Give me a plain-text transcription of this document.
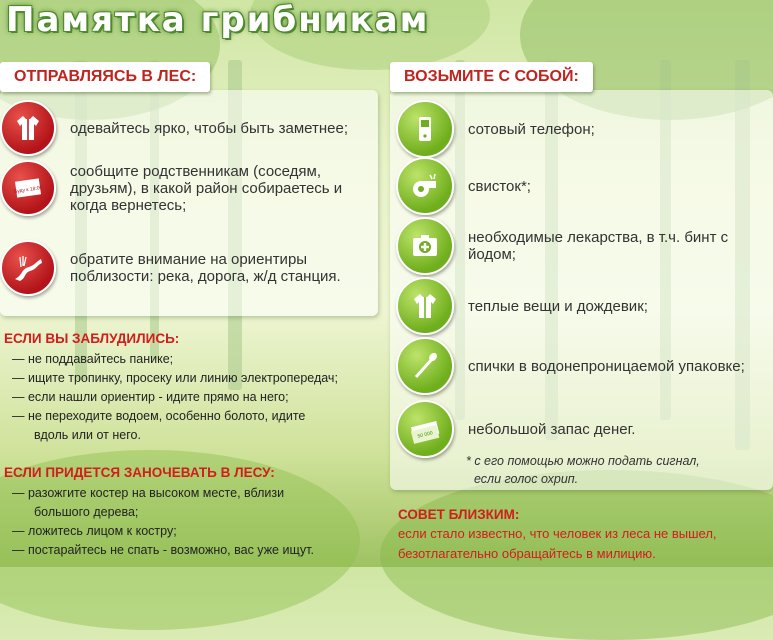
Памятка грибникам
ОТПРАВЛЯЯСЬ В ЛЕС:
одевайтесь ярко, чтобы быть заметнее;
Буду к 18:00
сообщите родственникам (соседям, друзьям), в какой район собираетесь и когда вернетесь;
обратите внимание на ориентиры поблизости: река, дорога, ж/д станция.

ЕСЛИ ВЫ ЗАБЛУДИЛИСЬ:

— не поддавайтесь панике;
— ищите тропинку, просеку или линию электропередач;
— если нашли ориентир - идите прямо на него;
— не переходите водоем, особенно болото, идите
вдоль или от него.

ЕСЛИ ПРИДЕТСЯ ЗАНОЧЕВАТЬ В ЛЕСУ:

— разожгите костер на высоком месте, вблизи
большого дерева;
— ложитесь лицом к костру;
— постарайтесь не спать - возможно, вас уже ищут.
ВОЗЬМИТЕ С СОБОЙ:
сотовый телефон;
свисток*;
необходимые лекарства, в т.ч. бинт с йодом;
теплые вещи и дождевик;
спички в водонепроницаемой упаковке;
50 000 небольшой запас денег.
* с его помощью можно подать сигнал,
если голос охрип.

СОВЕТ БЛИЗКИМ:

если стало известно, что человек из леса не вышел,
безотлагательно обращайтесь в милицию.
